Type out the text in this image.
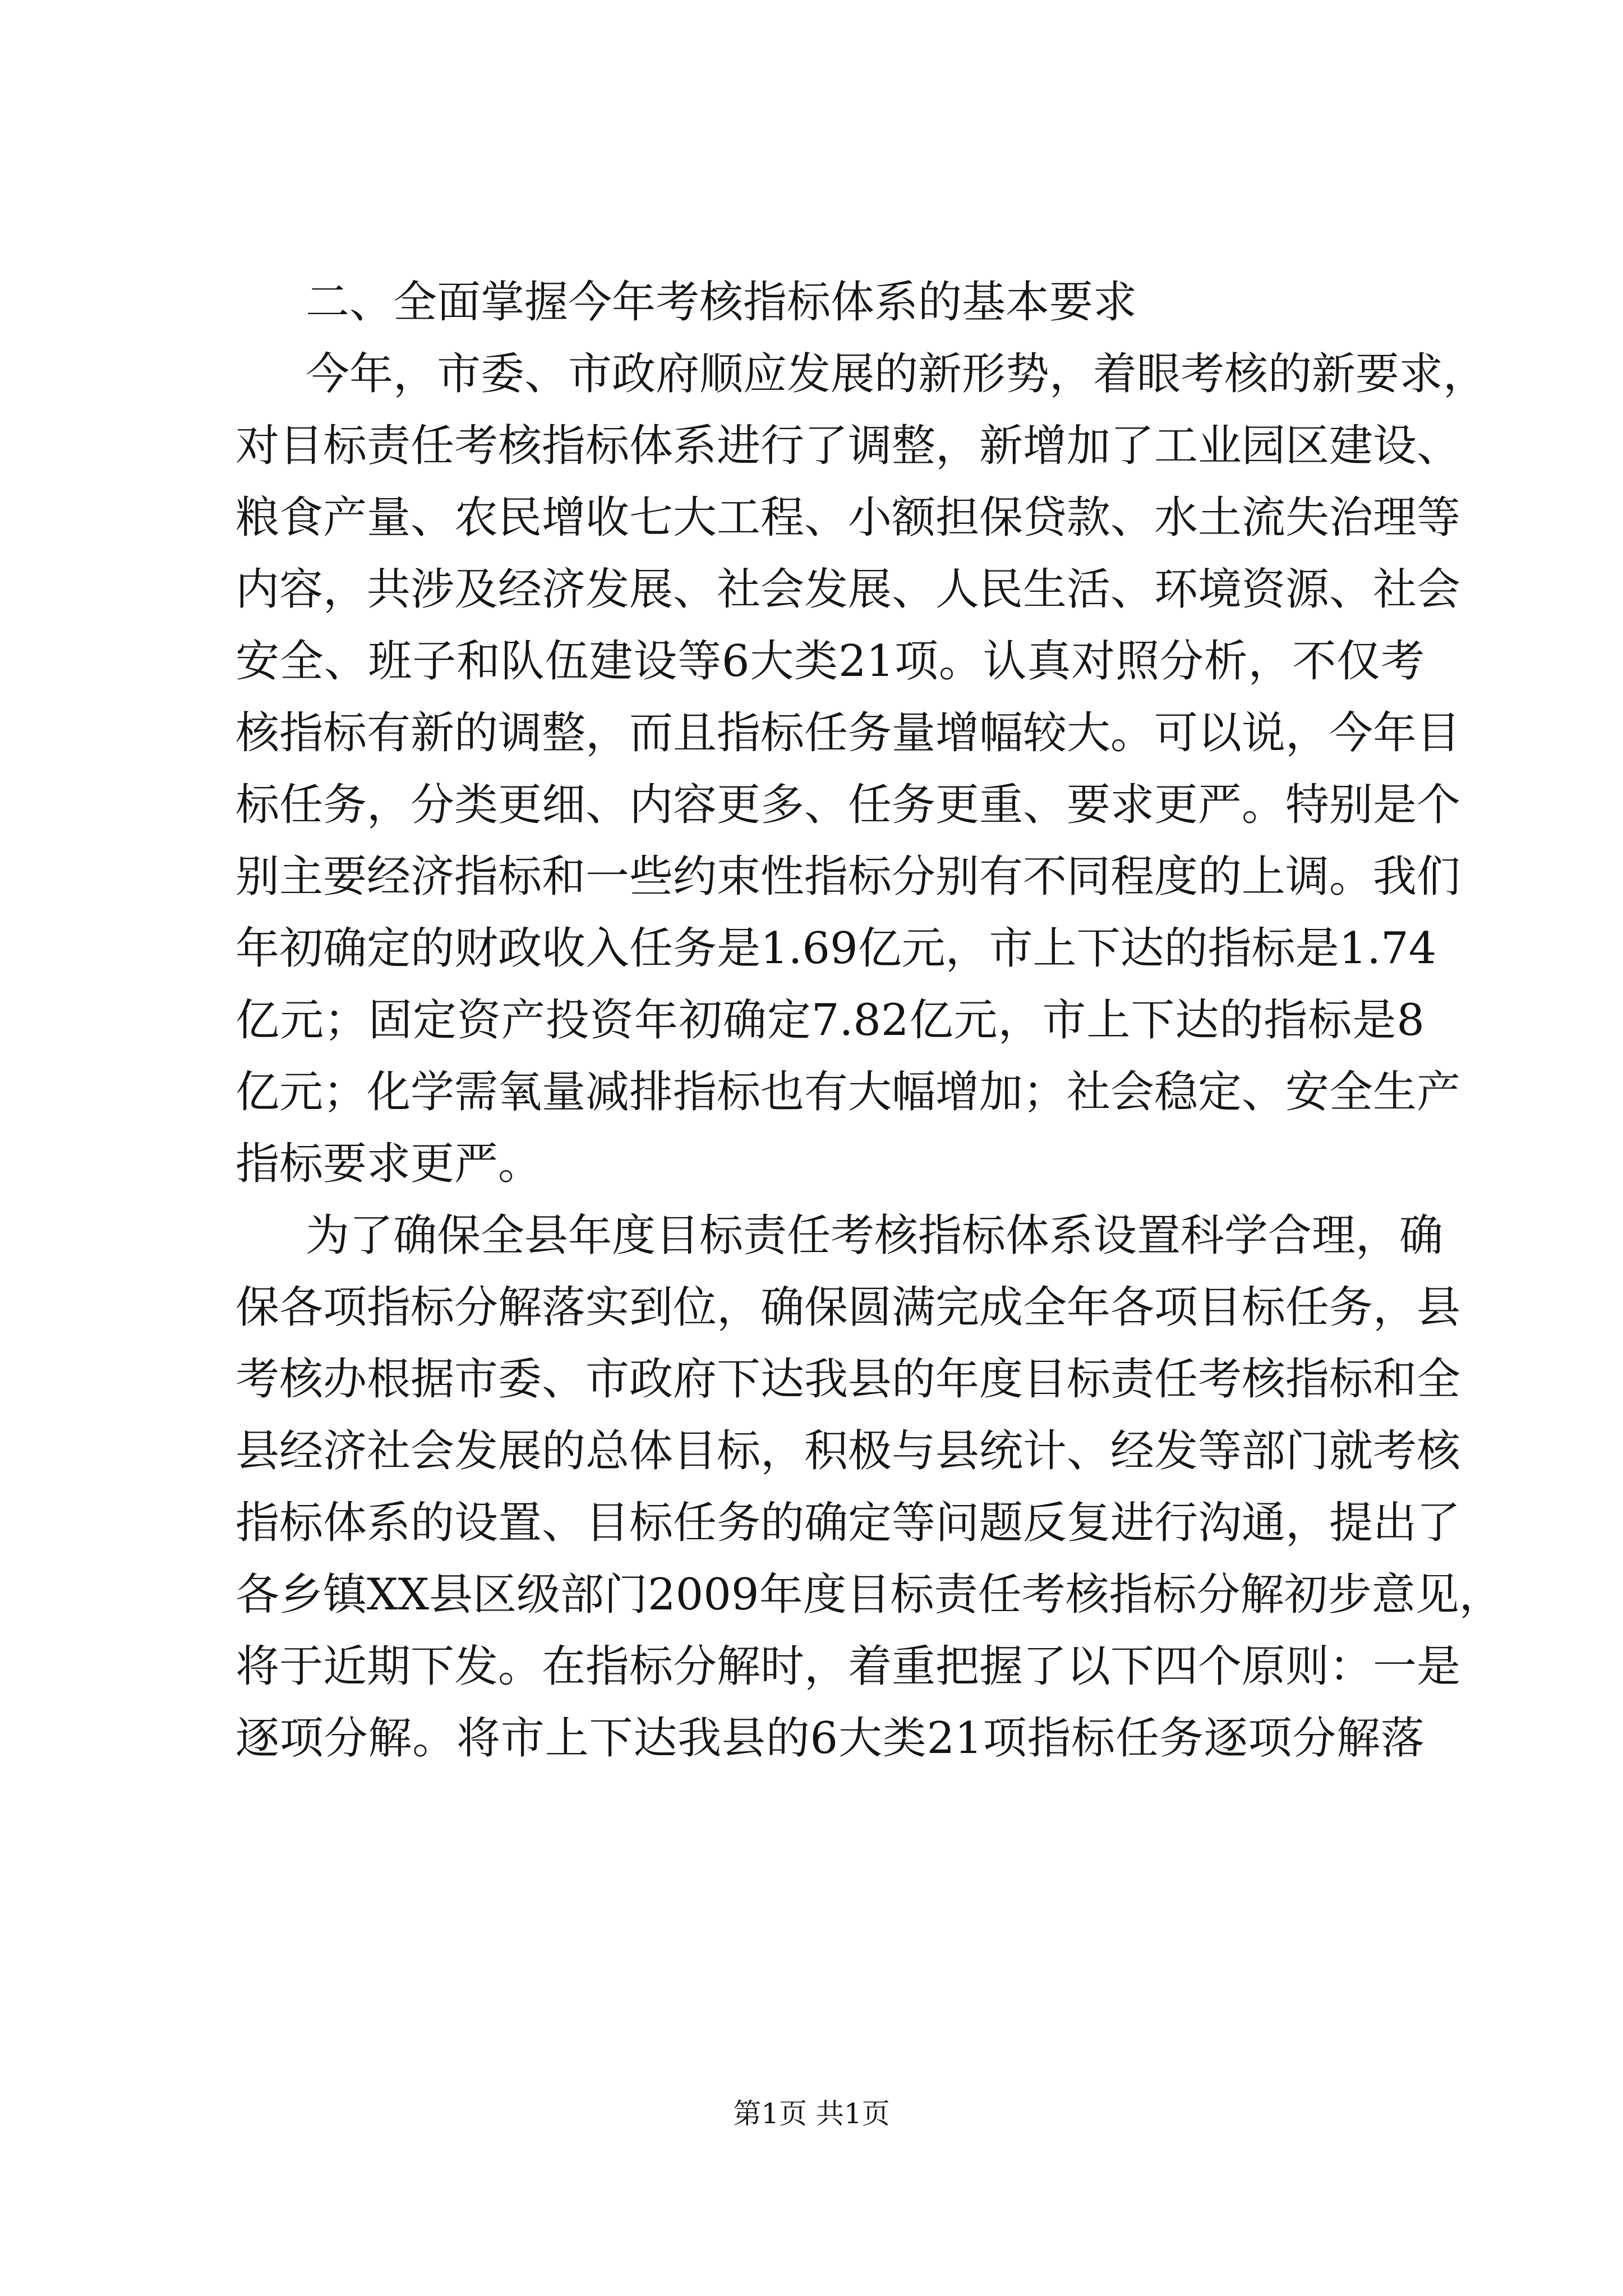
二、全面掌握今年考核指标体系的基本要求

今年，市委、市政府顺应发展的新形势，着眼考核的新要求，

对目标责任考核指标体系进行了调整，新增加了工业园区建设、

粮食产量、农民增收七大工程、小额担保贷款、水土流失治理等

内容，共涉及经济发展、社会发展、人民生活、环境资源、社会

安全、班子和队伍建设等6大类21项。认真对照分析，不仅考

核指标有新的调整，而且指标任务量增幅较大。可以说，今年目

标任务，分类更细、内容更多、任务更重、要求更严。特别是个

别主要经济指标和一些约束性指标分别有不同程度的上调。我们

年初确定的财政收入任务是1.69亿元，市上下达的指标是1.74

亿元；固定资产投资年初确定7.82亿元，市上下达的指标是8

亿元；化学需氧量减排指标也有大幅增加；社会稳定、安全生产

指标要求更严。

为了确保全县年度目标责任考核指标体系设置科学合理，确

保各项指标分解落实到位，确保圆满完成全年各项目标任务，县

考核办根据市委、市政府下达我县的年度目标责任考核指标和全

县经济社会发展的总体目标，积极与县统计、经发等部门就考核

指标体系的设置、目标任务的确定等问题反复进行沟通，提出了

各乡镇XX县区级部门2009年度目标责任考核指标分解初步意见，

将于近期下发。在指标分解时，着重把握了以下四个原则：一是

逐项分解。将市上下达我县的6大类21项指标任务逐项分解落

第1页 共1页
